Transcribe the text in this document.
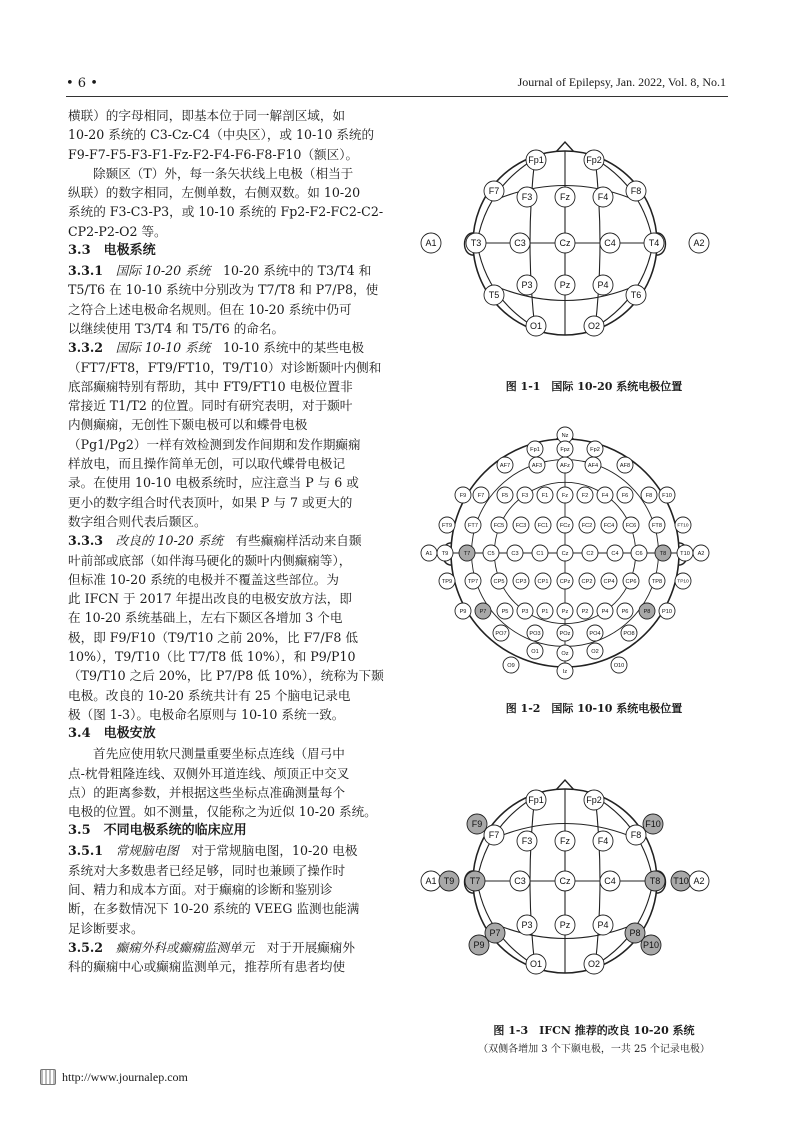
• 6 •	Journal of Epilepsy, Jan. 2022, Vol. 8, No.1

横联）的字母相同，即基本位于同一解剖区域，如

10-20 系统的 C3-Cz-C4（中央区），或 10-10 系统的

F9-F7-F5-F3-F1-Fz-F2-F4-F6-F8-F10（额区）。

除颞区（T）外，每一条矢状线上电极（相当于

纵联）的数字相同，左侧单数，右侧双数。如 10-20

系统的 F3-C3-P3，或 10-10 系统的 Fp2-F2-FC2-C2-

CP2-P2-O2 等。

3.3　电极系统

3.3.1　国际 10-20 系统　10-20 系统中的 T3/T4 和

T5/T6 在 10-10 系统中分别改为 T7/T8 和 P7/P8，使

之符合上述电极命名规则。但在 10-20 系统中仍可

以继续使用 T3/T4 和 T5/T6 的命名。

3.3.2　国际 10-10 系统　10-10 系统中的某些电极

（FT7/FT8，FT9/FT10，T9/T10）对诊断颞叶内侧和

底部癫痫特别有帮助，其中 FT9/FT10 电极位置非

常接近 T1/T2 的位置。同时有研究表明，对于颞叶

内侧癫痫，无创性下颞电极可以和蝶骨电极

（Pg1/Pg2）一样有效检测到发作间期和发作期癫痫

样放电，而且操作简单无创，可以取代蝶骨电极记

录。在使用 10-10 电极系统时，应注意当 P 与 6 或

更小的数字组合时代表顶叶，如果 P 与 7 或更大的

数字组合则代表后颞区。

3.3.3　改良的 10-20 系统　有些癫痫样活动来自颞

叶前部或底部（如伴海马硬化的颞叶内侧癫痫等），

但标准 10-20 系统的电极并不覆盖这些部位。为

此 IFCN 于 2017 年提出改良的电极安放方法，即

在 10-20 系统基础上，左右下颞区各增加 3 个电

极，即 F9/F10（T9/T10 之前 20%，比 F7/F8 低

10%），T9/T10（比 T7/T8 低 10%），和 P9/P10

（T9/T10 之后 20%，比 P7/P8 低 10%），统称为下颞

电极。改良的 10-20 系统共计有 25 个脑电记录电

极（图 1-3）。电极命名原则与 10-10 系统一致。

3.4　电极安放

首先应使用软尺测量重要坐标点连线（眉弓中

点-枕骨粗隆连线、双侧外耳道连线、颅顶正中交叉

点）的距离参数，并根据这些坐标点准确测量每个

电极的位置。如不测量，仅能称之为近似 10-20 系统。

3.5　不同电极系统的临床应用

3.5.1　常规脑电图　对于常规脑电图，10-20 电极

系统对大多数患者已经足够，同时也兼顾了操作时

间、精力和成本方面。对于癫痫的诊断和鉴别诊

断，在多数情况下 10-20 系统的 VEEG 监测也能满

足诊断要求。

3.5.2　癫痫外科或癫痫监测单元　对于开展癫痫外

科的癫痫中心或癫痫监测单元，推荐所有患者均使

Fp1	Fp2
F7
F3	Fz	F4
F8
A1	T3	C3	Cz	C4	T4	A2
T5
P3	Pz	P4
T6
O1	O2
图 1-1　国际 10-20 系统电极位置
Nz
Fp1	Fpz	Fp2
AF7	AF3	AFz	AF4	AF8
F9 F7	F5 F3 F1 Fz F2 F4 F6	F8 F10
FT9	FT7	FC5 FC3 FC1 FCz FC2 FC4 FC6	FT8	FT10
A1 T9	T7	C5	C3	C1	Cz	C2	C4	C6	T8 T10 A2
TP9	TP7	CP5 CP3 CP1 CPz CP2 CP4 CP6	TP8	TP10
P9 P7	P5 P3 P1 Pz P2 P4 P6	P8 P10
PO7	PO3	POz	PO4	PO8
O1	Oz	O2
Iz
O9	O10
图 1-2　国际 10-10 系统电极位置
Fp1	Fp2
F9
F7
F3	Fz	F4
F8
F10
A1 T9 T7	C3	Cz	C4	T8 T10 A2
P7
P9
P3	Pz	P4
P8
P10
O1	O2
图 1-3　IFCN 推荐的改良 10-20 系统
（双侧各增加 3 个下颞电极，一共 25 个记录电极）
http://www.journalep.com
